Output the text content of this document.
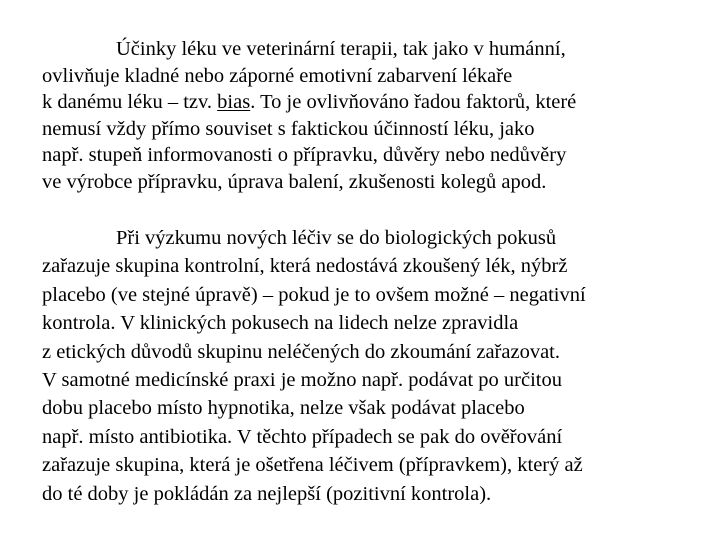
Účinky léku ve veterinární terapii, tak jako v humánní,
ovlivňuje kladné nebo záporné emotivní zabarvení lékaře
k danému léku – tzv. bias. To je ovlivňováno řadou faktorů, které
nemusí vždy přímo souviset s faktickou účinností léku, jako
např. stupeň informovanosti o přípravku, důvěry nebo nedůvěry
ve výrobce přípravku, úprava balení, zkušenosti kolegů apod.

Při výzkumu nových léčiv se do biologických pokusů
zařazuje skupina kontrolní, která nedostává zkoušený lék, nýbrž
placebo (ve stejné úpravě) – pokud je to ovšem možné – negativní
kontrola. V klinických pokusech na lidech nelze zpravidla
z etických důvodů skupinu neléčených do zkoumání zařazovat.
V samotné medicínské praxi je možno např. podávat po určitou
dobu placebo místo hypnotika, nelze však podávat placebo
např. místo antibiotika. V těchto případech se pak do ověřování
zařazuje skupina, která je ošetřena léčivem (přípravkem), který až
do té doby je pokládán za nejlepší (pozitivní kontrola).
